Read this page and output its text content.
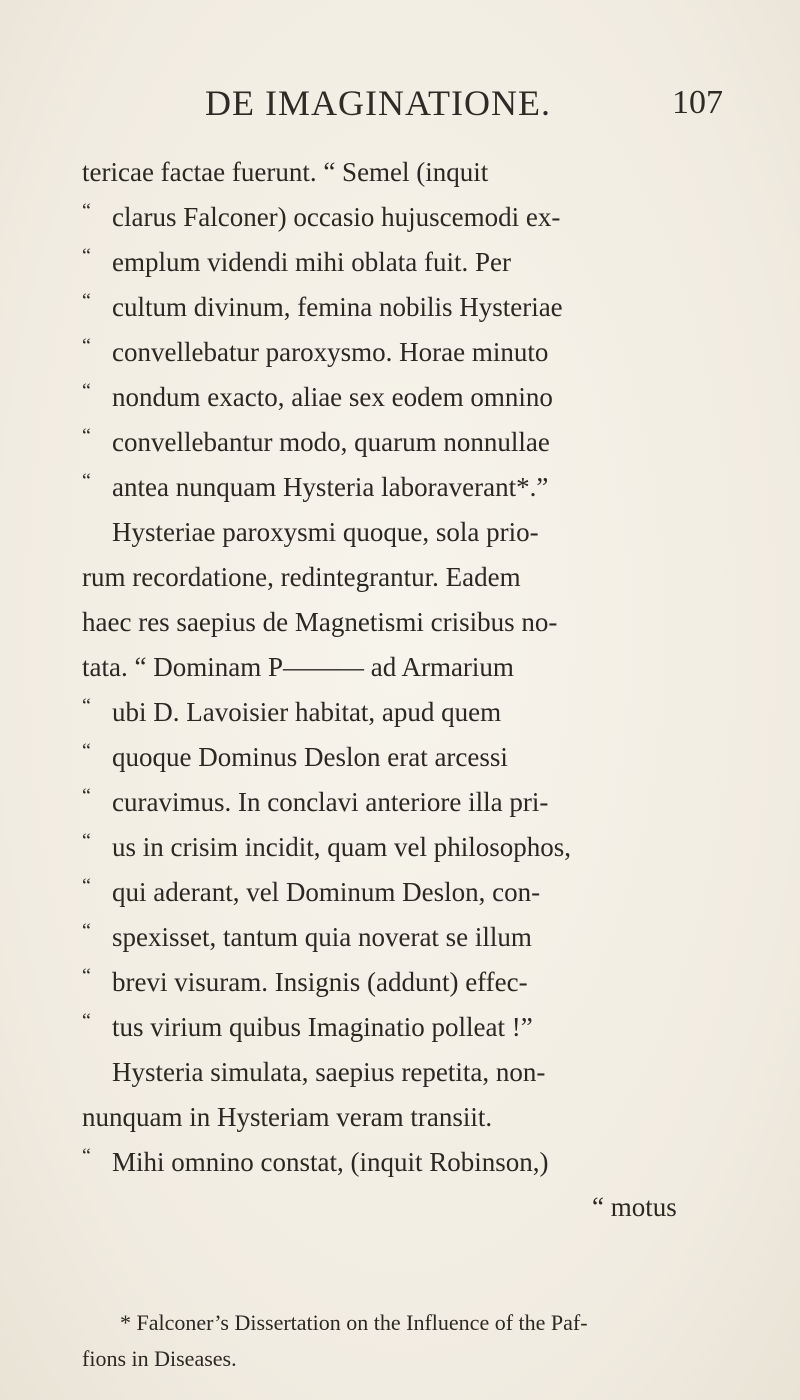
DE IMAGINATIONE.	107
tericae factae fuerunt. “ Semel (inquit
“ clarus Falconer) occasio hujuscemodi ex-
“ emplum videndi mihi oblata fuit. Per
“ cultum divinum, femina nobilis Hysteriae
“ convellebatur paroxysmo. Horae minuto
“ nondum exacto, aliae sex eodem omnino
“ convellebantur modo, quarum nonnullae
“ antea nunquam Hysteria laboraverant*.”
Hysteriae paroxysmi quoque, sola prio-
rum recordatione, redintegrantur. Eadem
haec res saepius de Magnetismi crisibus no-
tata. “ Dominam P——— ad Armarium
“ ubi D. Lavoisier habitat, apud quem
“ quoque Dominus Deslon erat arcessi
“ curavimus. In conclavi anteriore illa pri-
“ us in crisim incidit, quam vel philosophos,
“ qui aderant, vel Dominum Deslon, con-
“ spexisset, tantum quia noverat se illum
“ brevi visuram. Insignis (addunt) effec-
“ tus virium quibus Imaginatio polleat !”
Hysteria simulata, saepius repetita, non-
nunquam in Hysteriam veram transiit.
“ Mihi omnino constat, (inquit Robinson,)
“ motus
* Falconer’s Dissertation on the Influence of the Paf-
fions in Diseases.
